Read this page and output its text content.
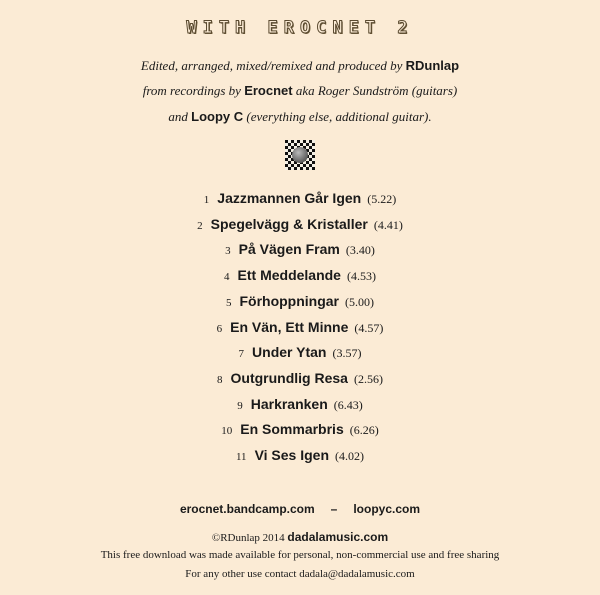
WITH EROCNET 2
Edited, arranged, mixed/remixed and produced by RDunlap
from recordings by Erocnet aka Roger Sundström (guitars)
and Loopy C (everything else, additional guitar).
1 Jazzmannen Går Igen (5.22)
2 Spegelvägg & Kristaller (4.41)
3 På Vägen Fram (3.40)
4 Ett Meddelande (4.53)
5 Förhoppningar (5.00)
6 En Vän, Ett Minne (4.57)
7 Under Ytan (3.57)
8 Outgrundlig Resa (2.56)
9 Harkranken (6.43)
10 En Sommarbris (6.26)
11 Vi Ses Igen (4.02)
erocnet.bandcamp.com – loopyc.com
©RDunlap 2014 dadalamusic.com
This free download was made available for personal, non-commercial use and free sharing
For any other use contact dadala@dadalamusic.com
